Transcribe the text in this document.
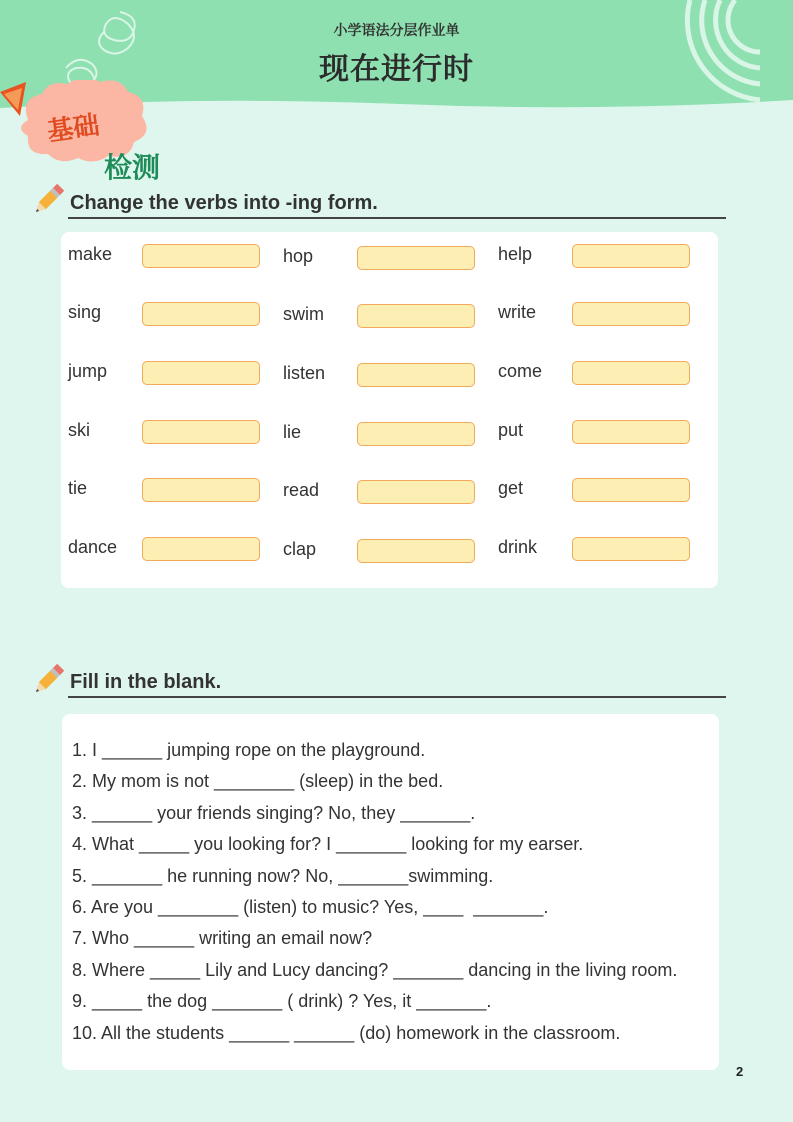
小学语法分层作业单
现在进行时
基础
检测
Change the verbs into -ing form.
make	hop	help
sing	swim	write
jump	listen	come
ski	lie	put
tie	read	get
dance	clap	drink
Fill in the blank.
1. I ______ jumping rope on the playground.
2. My mom is not ________ (sleep) in the bed.
3. ______ your friends singing? No, they _______.
4. What _____ you looking for? I _______ looking for my earser.
5. _______ he running now? No, _______swimming.
6. Are you ________ (listen) to music? Yes, ____  _______.
7. Who ______ writing an email now?
8. Where _____ Lily and Lucy dancing? _______ dancing in the living room.
9. _____ the dog _______ ( drink) ? Yes, it _______.
10. All the students ______ ______ (do) homework in the classroom.
2
